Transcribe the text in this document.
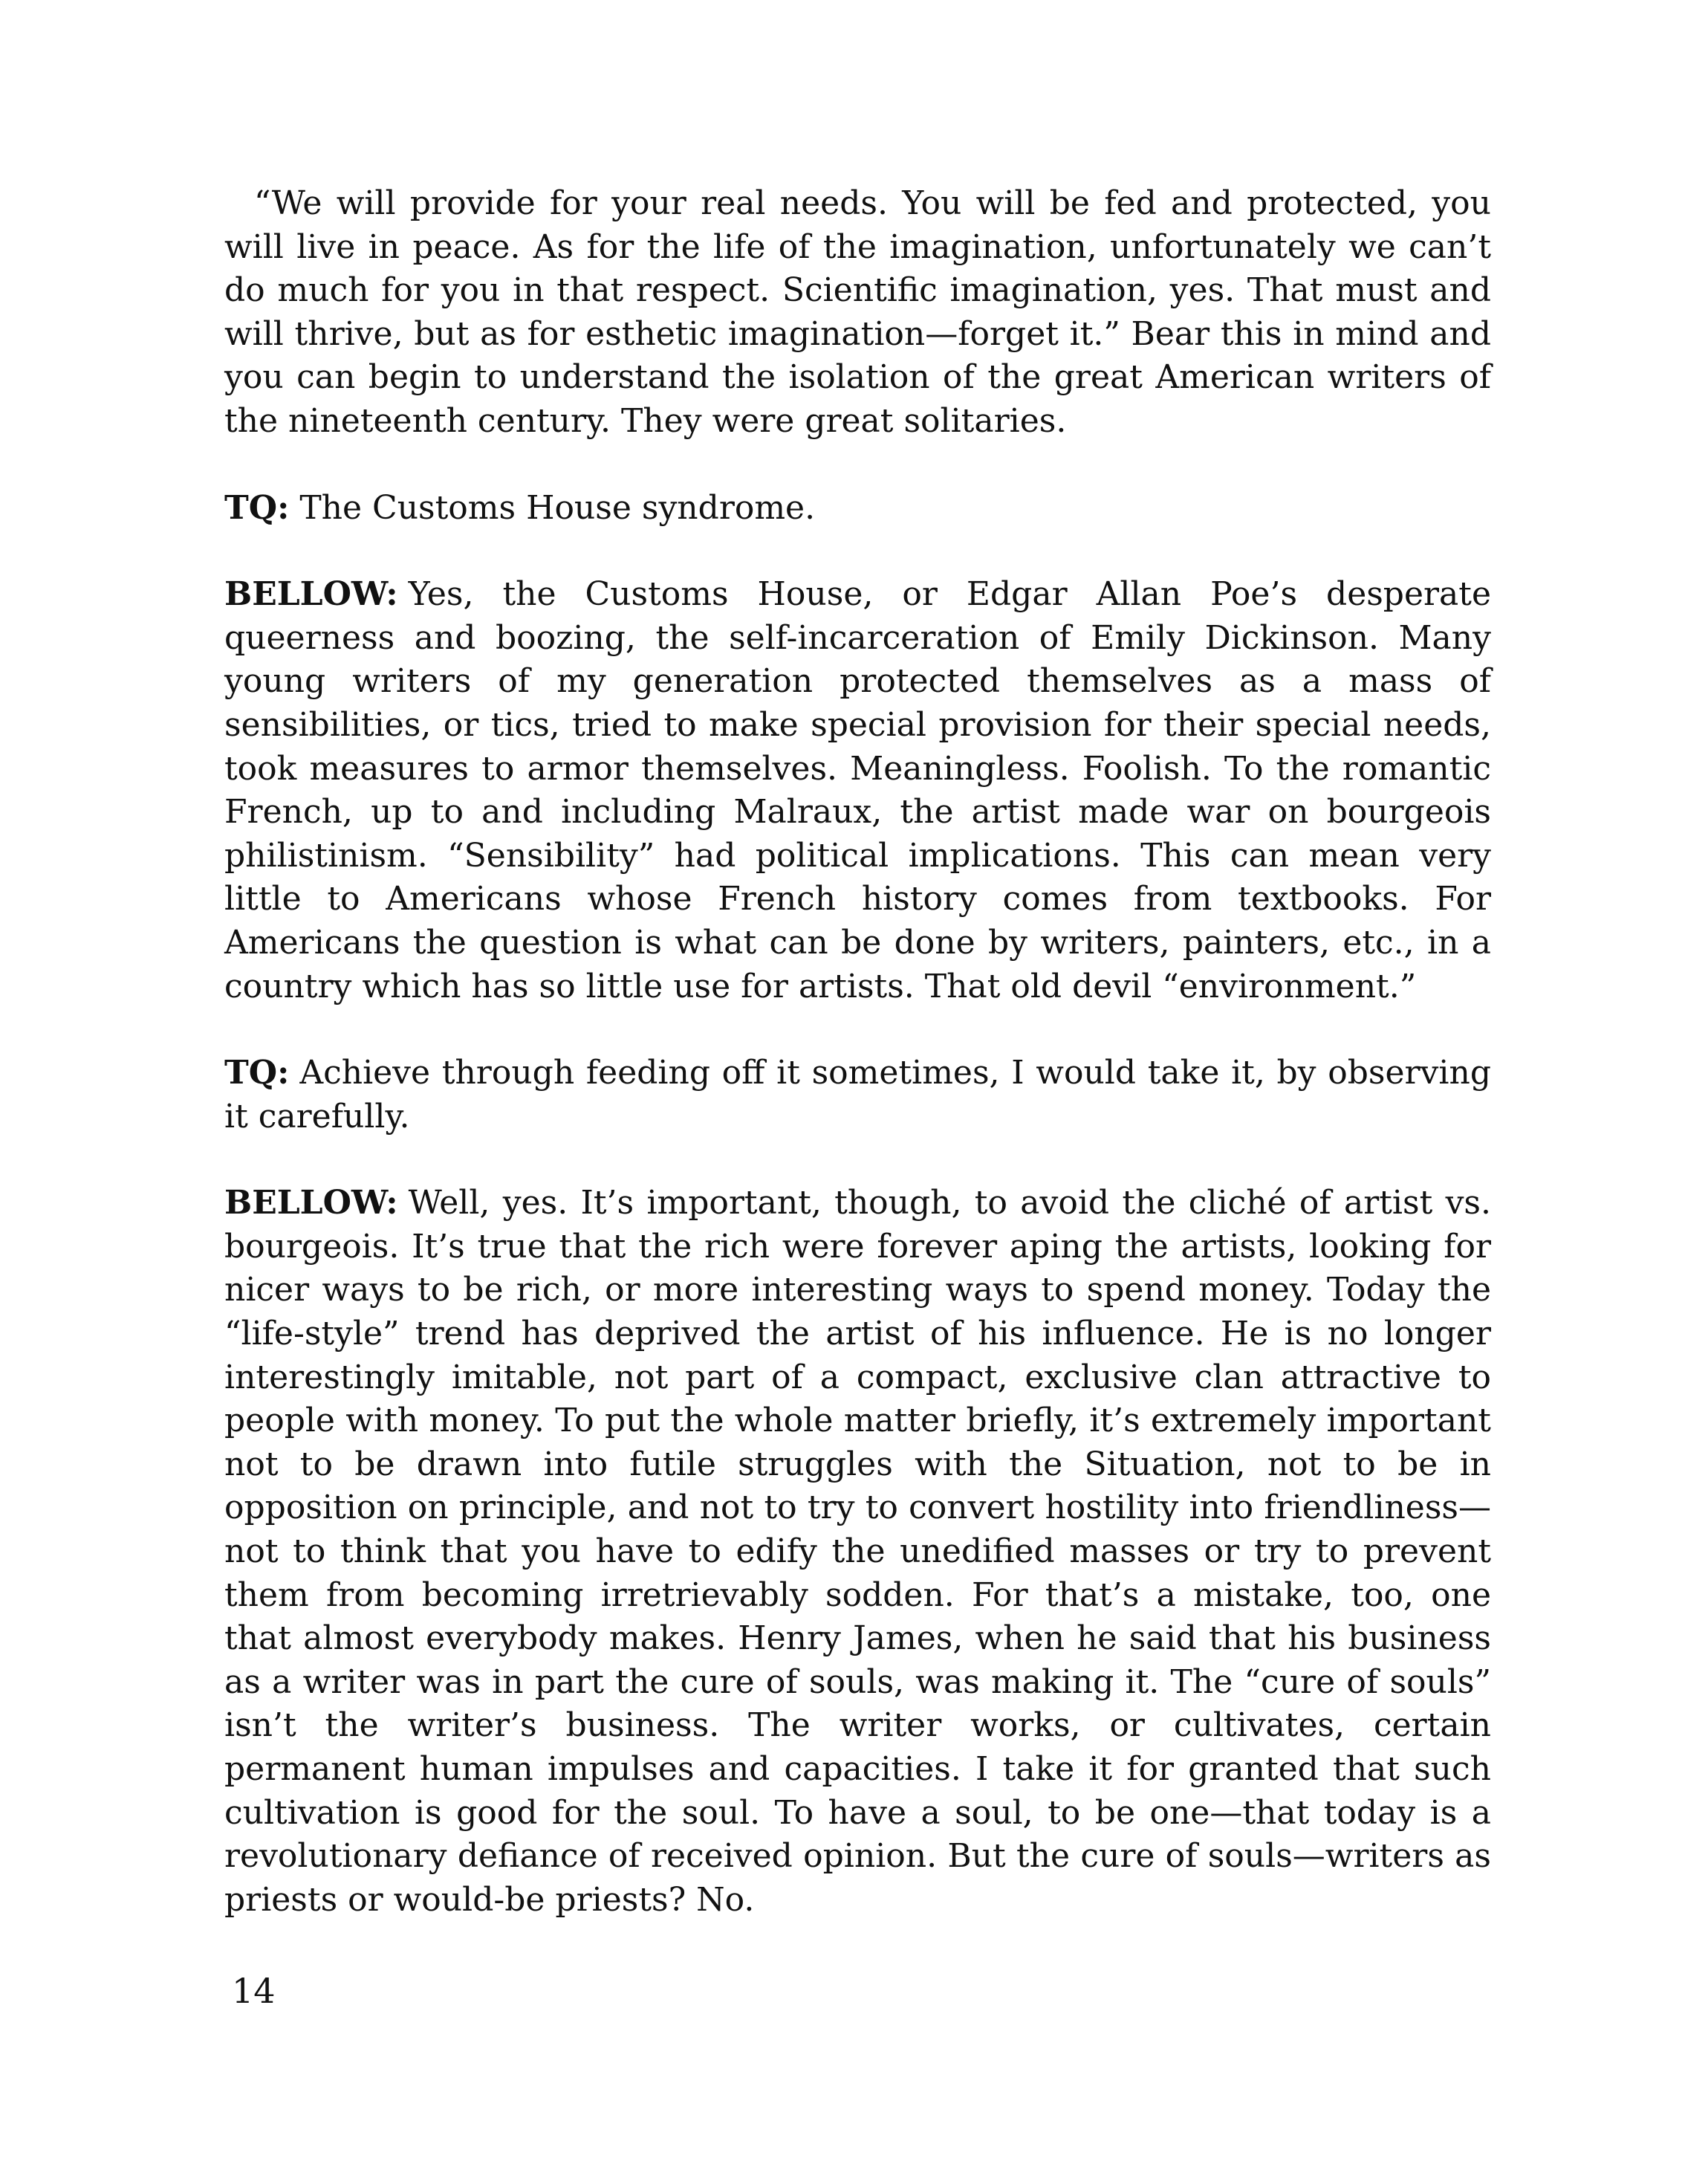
“We will provide for your real needs. You will be fed and protected, you will live in peace. As for the life of the imagination, unfortunately we can’t do much for you in that respect. Scientific imagination, yes. That must and will thrive, but as for esthetic imagination—forget it.” Bear this in mind and you can begin to understand the isolation of the great American writers of the nineteenth century. They were great solitaries.

TQ: The Customs House syndrome.

BELLOW: Yes, the Customs House, or Edgar Allan Poe’s desperate queerness and boozing, the self-incarceration of Emily Dickinson. Many young writers of my generation protected themselves as a mass of sensibilities, or tics, tried to make special provision for their special needs, took measures to armor themselves. Meaningless. Foolish. To the romantic French, up to and including Malraux, the artist made war on bourgeois philistinism. “Sensibility” had political implications. This can mean very little to Americans whose French history comes from textbooks. For Americans the question is what can be done by writers, painters, etc., in a country which has so little use for artists. That old devil “environment.”

TQ: Achieve through feeding off it sometimes, I would take it, by observing it carefully.

BELLOW: Well, yes. It’s important, though, to avoid the cliché of artist vs. bourgeois. It’s true that the rich were forever aping the artists, looking for nicer ways to be rich, or more interesting ways to spend money. Today the “life-style” trend has deprived the artist of his influence. He is no longer interestingly imitable, not part of a compact, exclusive clan attractive to people with money. To put the whole matter briefly, it’s extremely important not to be drawn into futile struggles with the Situation, not to be in opposition on principle, and not to try to convert hostility into friendliness—not to think that you have to edify the unedified masses or try to prevent them from becoming irretrievably sodden. For that’s a mistake, too, one that almost everybody makes. Henry James, when he said that his business as a writer was in part the cure of souls, was making it. The “cure of souls” isn’t the writer’s business. The writer works, or cultivates, certain permanent human impulses and capacities. I take it for granted that such cultivation is good for the soul. To have a soul, to be one—that today is a revolutionary defiance of received opinion. But the cure of souls—writers as priests or would-be priests? No.

14
